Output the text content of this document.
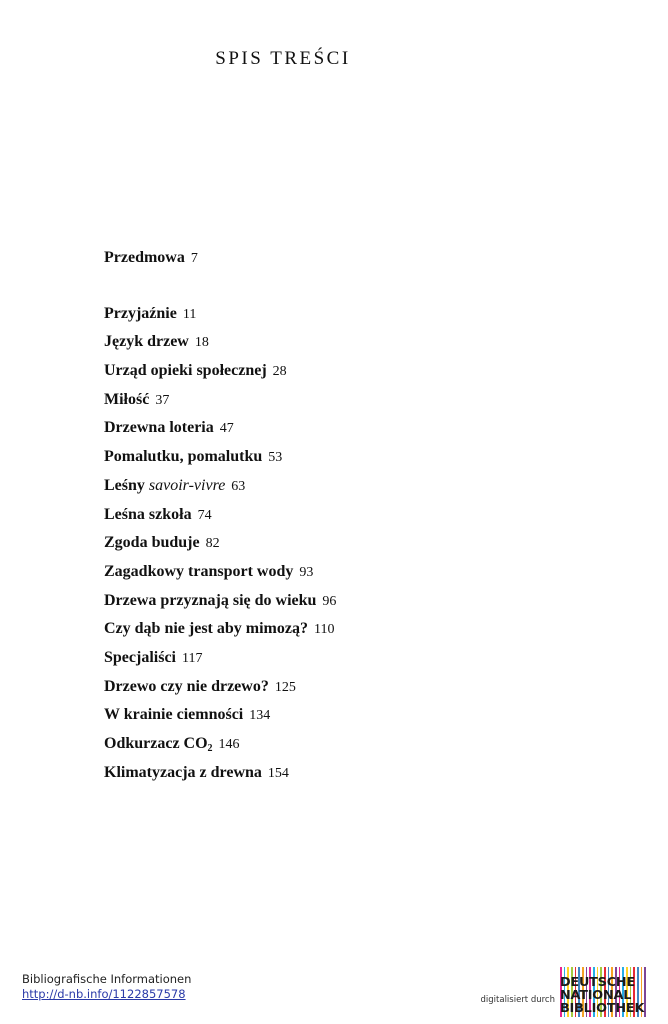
SPIS TREŚCI
Przedmowa 7
Przyjaźnie 11
Język drzew 18
Urząd opieki społecznej 28
Miłość 37
Drzewna loteria 47
Pomalutku, pomalutku 53
Leśny savoir-vivre 63
Leśna szkoła 74
Zgoda buduje 82
Zagadkowy transport wody 93
Drzewa przyznają się do wieku 96
Czy dąb nie jest aby mimozą? 110
Specjaliści 117
Drzewo czy nie drzewo? 125
W krainie ciemności 134
Odkurzacz $CO_2$ 146
Klimatyzacja z drewna 154
Bibliografische Informationen
http://d-nb.info/1122857578	digitalisiert durch
DEUTSCHE
NATIONAL
BIBLIOTHEK
